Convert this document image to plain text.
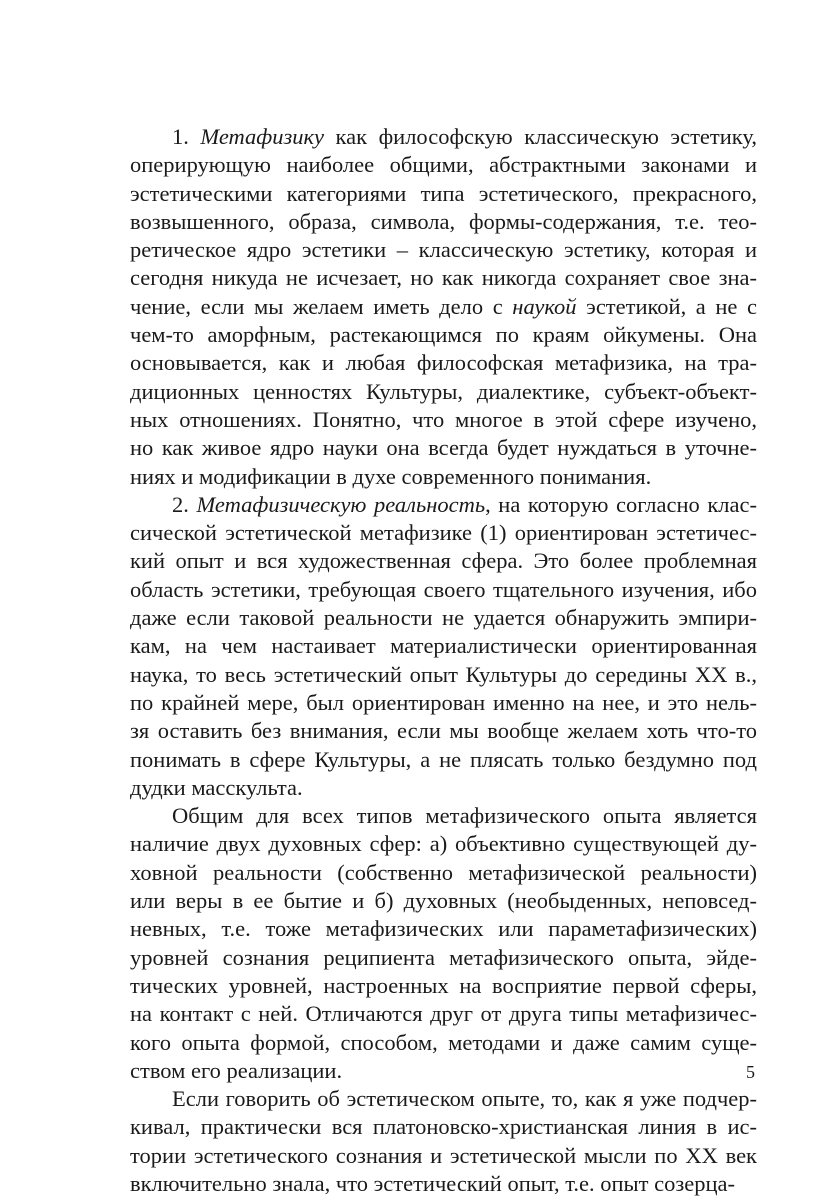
1. Метафизику как философскую классическую эстетику,
оперирующую наиболее общими, абстрактными законами и
эстетическими категориями типа эстетического, прекрасного,
возвышенного, образа, символа, формы-содержания, т.е. тео-
ретическое ядро эстетики – классическую эстетику, которая и
сегодня никуда не исчезает, но как никогда сохраняет свое зна-
чение, если мы желаем иметь дело с наукой эстетикой, а не с
чем-то аморфным, растекающимся по краям ойкумены. Она
основывается, как и любая философская метафизика, на тра-
диционных ценностях Культуры, диалектике, субъект-объект-
ных отношениях. Понятно, что многое в этой сфере изучено,
но как живое ядро науки она всегда будет нуждаться в уточне-
ниях и модификации в духе современного понимания.
2. Метафизическую реальность, на которую согласно клас-
сической эстетической метафизике (1) ориентирован эстетичес-
кий опыт и вся художественная сфера. Это более проблемная
область эстетики, требующая своего тщательного изучения, ибо
даже если таковой реальности не удается обнаружить эмпири-
кам, на чем настаивает материалистически ориентированная
наука, то весь эстетический опыт Культуры до середины ХХ в.,
по крайней мере, был ориентирован именно на нее, и это нель-
зя оставить без внимания, если мы вообще желаем хоть что-то
понимать в сфере Культуры, а не плясать только бездумно под
дудки масскульта.
Общим для всех типов метафизического опыта является
наличие двух духовных сфер: а) объективно существующей ду-
ховной реальности (собственно метафизической реальности)
или веры в ее бытие и б) духовных (необыденных, неповсед-
невных, т.е. тоже метафизических или параметафизических)
уровней сознания реципиента метафизического опыта, эйде-
тических уровней, настроенных на восприятие первой сферы,
на контакт с ней. Отличаются друг от друга типы метафизичес-
кого опыта формой, способом, методами и даже самим суще-
ством его реализации.
Если говорить об эстетическом опыте, то, как я уже подчер-
кивал, практически вся платоновско-христианская линия в ис-
тории эстетического сознания и эстетической мысли по ХХ век
включительно знала, что эстетический опыт, т.е. опыт созерца-
5
